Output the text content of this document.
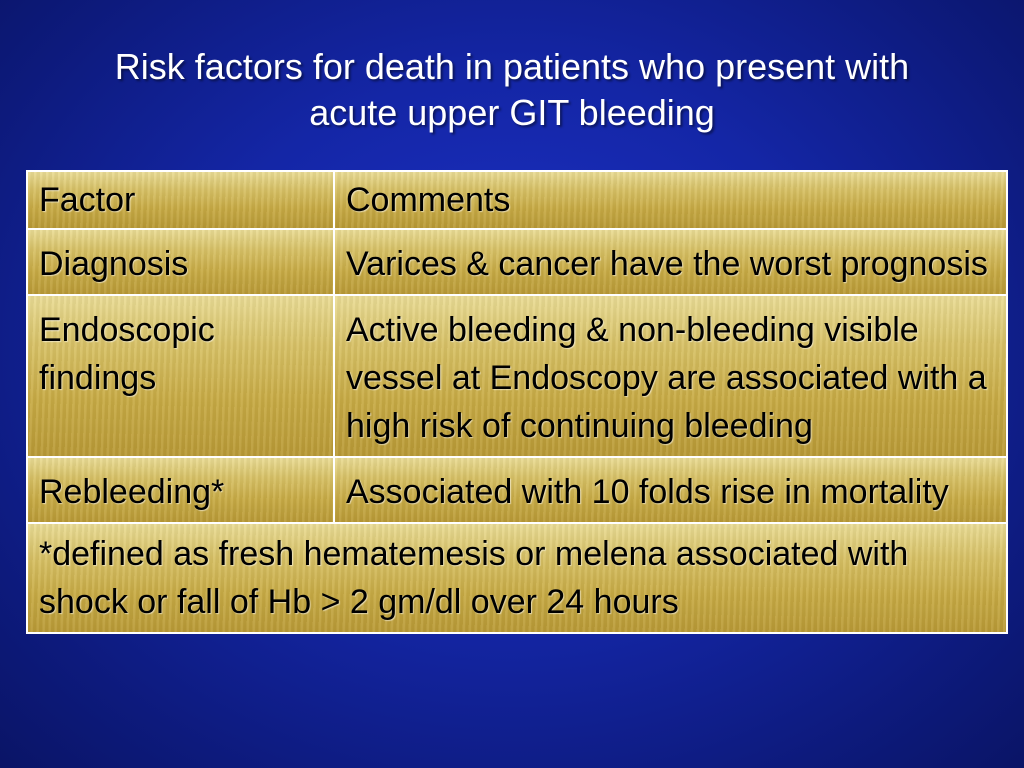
Risk factors for death in patients who present with
acute upper GIT bleeding
Factor	Comments
Diagnosis	Varices & cancer have the worst prognosis
Endoscopic findings	Active bleeding & non-bleeding visible vessel at Endoscopy are associated with a high risk of continuing bleeding
Rebleeding*	Associated with 10 folds rise in mortality
*defined as fresh hematemesis or melena associated with shock or fall of Hb > 2 gm/dl over 24 hours	
